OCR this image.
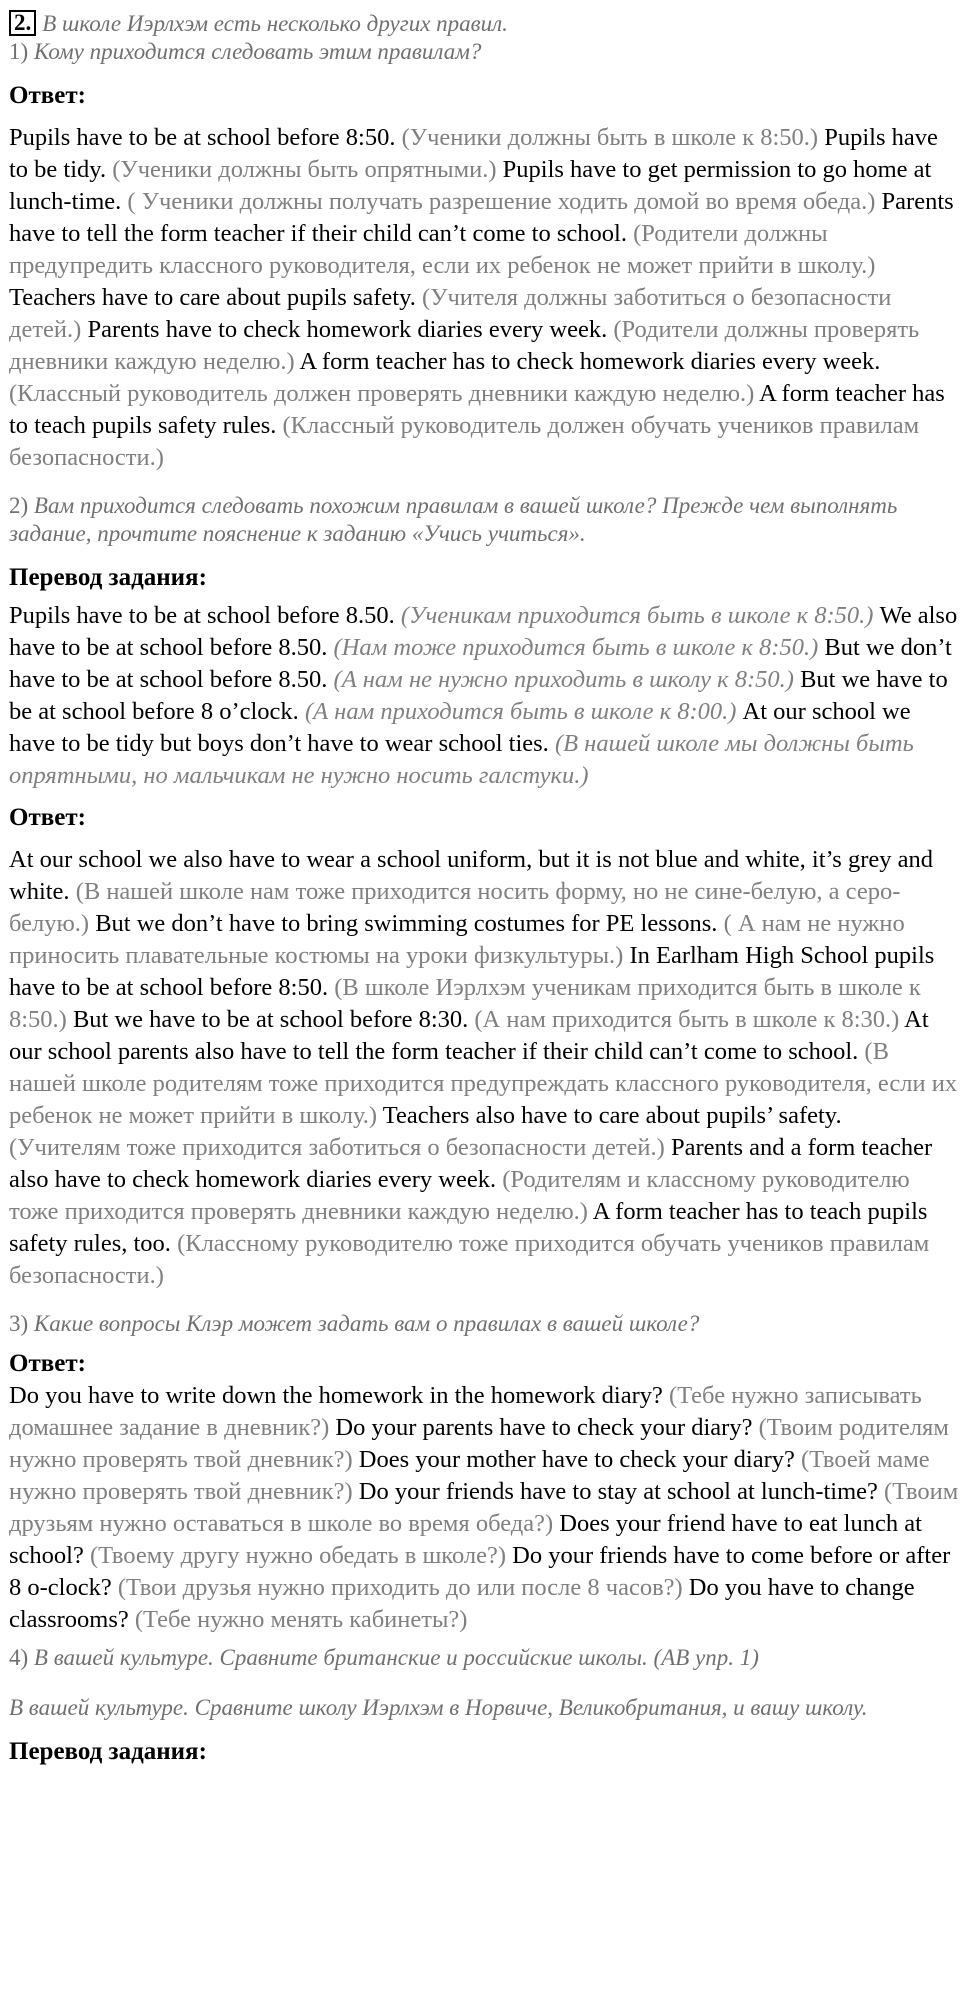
2. В школе Иэрлхэм есть несколько других правил.

1) Кому приходится следовать этим правилам?

Ответ:

Pupils have to be at school before 8:50. (Ученики должны быть в школе к 8:50.) Pupils have to be tidy. (Ученики должны быть опрятными.) Pupils have to get permission to go home at lunch-time. ( Ученики должны получать разрешение ходить домой во время обеда.) Parents have to tell the form teacher if their child can’t come to school. (Родители должны предупредить классного руководителя, если их ребенок не может прийти в школу.) Teachers have to care about pupils safety. (Учителя должны заботиться о безопасности детей.) Parents have to check homework diaries every week. (Родители должны проверять дневники каждую неделю.) A form teacher has to check homework diaries every week. (Классный руководитель должен проверять дневники каждую неделю.) A form teacher has to teach pupils safety rules. (Классный руководитель должен обучать учеников правилам безопасности.)

2) Вам приходится следовать похожим правилам в вашей школе? Прежде чем выполнять задание, прочтите пояснение к заданию «Учись учиться».

Перевод задания:

Pupils have to be at school before 8.50. (Ученикам приходится быть в школе к 8:50.) We also have to be at school before 8.50. (Нам тоже приходится быть в школе к 8:50.) But we don’t have to be at school before 8.50. (А нам не нужно приходить в школу к 8:50.) But we have to be at school before 8 o’clock. (А нам приходится быть в школе к 8:00.) At our school we have to be tidy but boys don’t have to wear school ties. (В нашей школе мы должны быть опрятными, но мальчикам не нужно носить галстуки.)

Ответ:

At our school we also have to wear a school uniform, but it is not blue and white, it’s grey and white. (В нашей школе нам тоже приходится носить форму, но не сине-белую, а серо-белую.) But we don’t have to bring swimming costumes for PE lessons. ( А нам не нужно приносить плавательные костюмы на уроки физкультуры.) In Earlham High School pupils have to be at school before 8:50. (В школе Иэрлхэм ученикам приходится быть в школе к 8:50.) But we have to be at school before 8:30. (А нам приходится быть в школе к 8:30.) At our school parents also have to tell the form teacher if their child can’t come to school. (В нашей школе родителям тоже приходится предупреждать классного руководителя, если их ребенок не может прийти в школу.) Teachers also have to care about pupils’ safety. (Учителям тоже приходится заботиться о безопасности детей.) Parents and a form teacher also have to check homework diaries every week. (Родителям и классному руководителю тоже приходится проверять дневники каждую неделю.) A form teacher has to teach pupils safety rules, too. (Классному руководителю тоже приходится обучать учеников правилам безопасности.)

3) Какие вопросы Клэр может задать вам о правилах в вашей школе?

Ответ:

Do you have to write down the homework in the homework diary? (Тебе нужно записывать домашнее задание в дневник?) Do your parents have to check your diary? (Твоим родителям нужно проверять твой дневник?) Does your mother have to check your diary? (Твоей маме нужно проверять твой дневник?) Do your friends have to stay at school at lunch-time? (Твоим друзьям нужно оставаться в школе во время обеда?) Does your friend have to eat lunch at school? (Твоему другу нужно обедать в школе?) Do your friends have to come before or after 8 o-clock? (Твои друзья нужно приходить до или после 8 часов?) Do you have to change classrooms? (Тебе нужно менять кабинеты?)

4) В вашей культуре. Сравните британские и российские школы. (АВ упр. 1)

В вашей культуре. Сравните школу Иэрлхэм в Норвиче, Великобритания, и вашу школу.

Перевод задания:
